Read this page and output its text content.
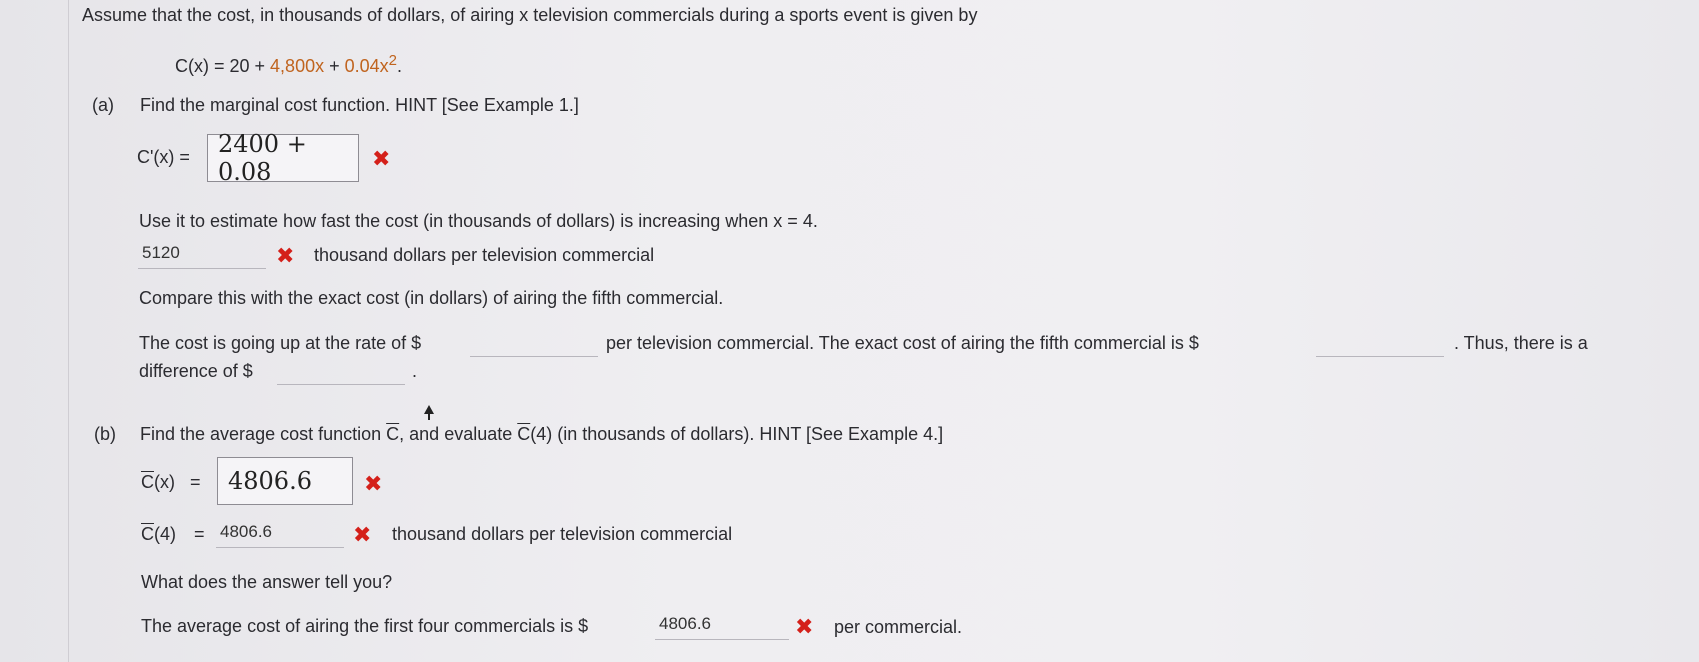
Assume that the cost, in thousands of dollars, of airing x television commercials during a sports event is given by
$C(x) = 20 + 4,800x + 0.04x^2$.
(a) Find the marginal cost function. HINT [See Example 1.]
C'(x) =	2400 + 0.08	✖
Use it to estimate how fast the cost (in thousands of dollars) is increasing when x = 4.
5120	✖ thousand dollars per television commercial
Compare this with the exact cost (in dollars) of airing the fifth commercial.
The cost is going up at the rate of $	per television commercial. The exact cost of airing the fifth commercial is $	. Thus, there is a
difference of $	.
(b) Find the average cost function $\overline{C}$, and evaluate $\overline{C}(4)$ (in thousands of dollars). HINT [See Example 4.]
$\overline{C}(x)$ =	4806.6	✖
$\overline{C}(4) = 4806.6$	✖ thousand dollars per television commercial
What does the answer tell you?
The average cost of airing the first four commercials is $	4806.6	✖ per commercial.
